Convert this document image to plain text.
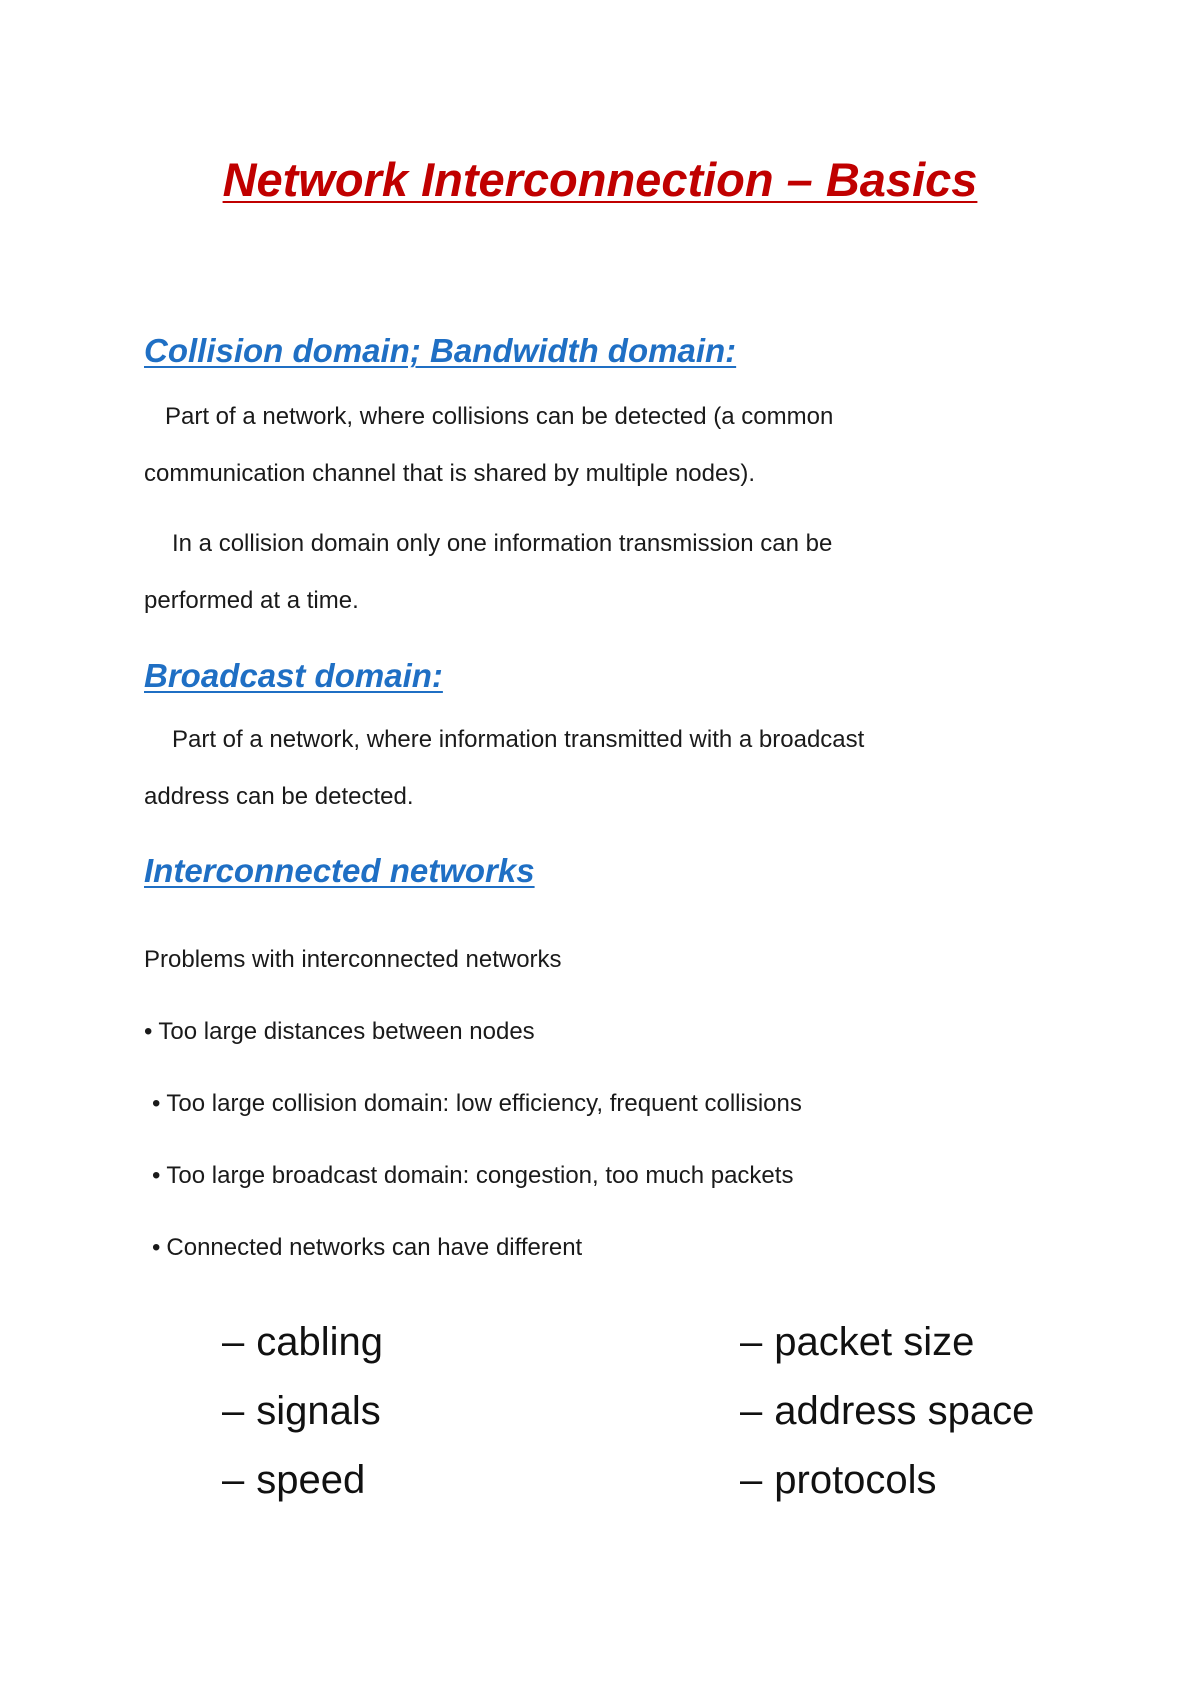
Network Interconnection – Basics
Collision domain; Bandwidth domain:
Part of a network, where collisions can be detected (a common
communication channel that is shared by multiple nodes).
In a collision domain only one information transmission can be
performed at a time.
Broadcast domain:
Part of a network, where information transmitted with a broadcast
address can be detected.
Interconnected networks

Problems with interconnected networks

• Too large distances between nodes

• Too large collision domain: low efficiency, frequent collisions

• Too large broadcast domain: congestion, too much packets

• Connected networks can have different

– cabling
– signals
– speed
– packet size
– address space
– protocols
